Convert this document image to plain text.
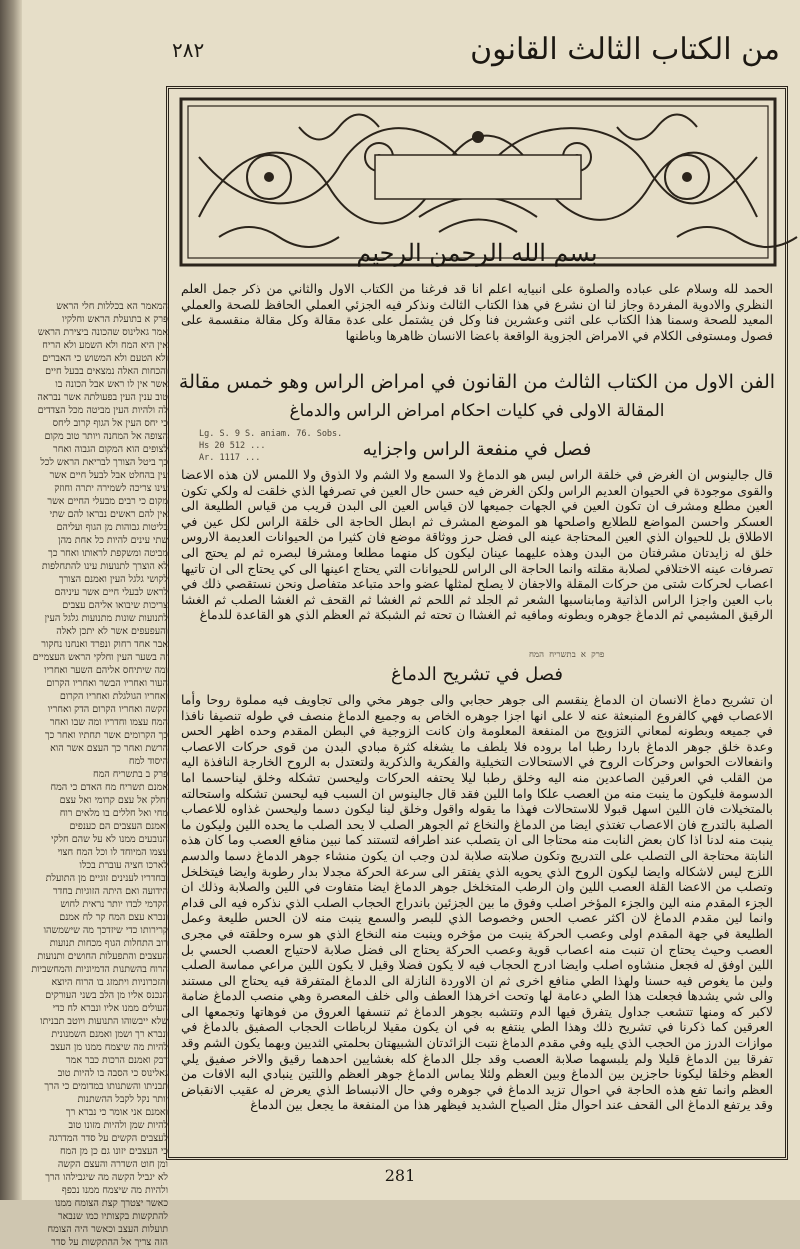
המאמר הא בכללות חלי הראש
פרק א בתועלת הראש וחלקיו
אמר גאלינוס שהכונה ביצירת הראש
אין היא המח ולא השמע ולא הריח
ולא הטעם ולא המשוש כי האברים
והכחות האלה נמצאים בבעל חיים
אשר אין לו ראש אבל הכונה בו
טוב ענין העין בפעולתה אשר נבראה
לה ולהיות העין מביטה מכל הצדדים
כי יחס העין אל הגוף קרוב ליחס
הצופה אל המחנה ויותר טוב מקום
לצופים הוא המקום הגבוה ואחר
כך ביטל הצורך לבריאת הראש לכל
עין בהחלט אבל לבעל חיים אשר
עינו צריכה לשמירה יתרה וחוזק
מקום כי רבים מבעלי החיים אשר
אין להם ראשים נבראו להם שתי
בליטות גבוהות מן הגוף ועליהם
שתי עינים להיות כל אחת מהן
מביטה ומשקפת לראותו ואחר כך
לא הוצרך לתנועות עינו להתחלפות
לקושי גלגל העין ואמנם הצורך
לראש לבעלי חיים אשר עיניהם
צריכות שיבואו אליהם עצבים
לתנועות שונות מתנועות גלגל העין
והעפעפים אשר לא יתכן לאלה
אבר אחד רחוק ונפרד ואנחנו נחקור
זה בשער העין וחלקי הראש העצמיים
ומה שיתיחס אליהם השער ואחריו
העור ואחריו הבשר ואחריו הקרום
ואחריו הגולגלת ואחריו הקרום
הקשה ואחריו הקרום הדק ואחריו
המח עצמו וחדריו ומה שבו ואחר
כך הקרומים אשר תחתיו ואחר כך
הרשת ואחר כך העצם אשר הוא
היסוד למח
פרק ב בתשריח המח
אמנם תשריח מח האדם כי המח
יחלק אל עצם קרומי ואל עצם
מחי ואל חללים בו מלאים רוח
ואמנם העצבים הם כענפים
הנובעים ממנו לא על שהם חלקי
עצמו המיוחד לו וכל המח חצוי
לארכו חציה עוברת בכלו
ובחדריו לענינים זוגיים מן התועלת
הידועה ואם היתה הזוגיות בחדר
הקדמי לבדו יותר נראית לחוש
ונברא עצם המח קר לח אמנם
קרירותו כדי שיזדכך מה שישמשהו
רוב התחלות הגוף מכחות תנועות
העצבים והתפעלות החושים ותנועות
הרוח בהשתנות הדמיוניות והמחשביות
והזכרוניות ויתמזג בו הרוח היוצא
הנכנס אליו מן הלב בשני העורקים
העולים ממנו אליו ונברא לח כדי
שלא ייבשוהו התנועות ויוטב תבניתו
ונברא רך ושמן ואמנם השמנונית
להיות מה שיצמח ממנו מן העצב
דבק ואמנם הרכות כבר אמר
גאלינוס כי הסבה בו להיות טוב
תבניתו והשתנותו במדומים כי הרך
יותר נקל לקבל ההשתנות
ואמנם אני אומר כי נברא רך
להיות שמן ולהיות מזונו טוב
לעצבים הקשים על סדר המדרגה
כי העצבים יזונו גם כן מן המח
ומן חוט השדרה והעצם הקשה
לא יגביל הקשה מה שיגבילהו הרך
ולהיות מה שיצמח ממנו נכפף
כאשר יצטרך קצת הצומח ממנו
להתקשות בקצותיו כמו שנבאר
תועלות העצב וכאשר היה הצומח
הזה צריך אל ההתקשות על סדר
٢٨٢	من الكتاب الثالث القانون
بسم الله الرحمن الرحيم

الحمد لله وسلام على عباده والصلوة على انبيايه اعلم انا قد فرغنا من الكتاب الاول والثاني من ذكر جمل العلم النظري والادوية المفردة وجاز لنا ان نشرع في هذا الكتاب الثالث ونذكر فيه الجزئي العملي الحافظ للصحة والعملي المعيد للصحة وسمنا هذا الكتاب على اثنى وعشرين فنا وكل فن يشتمل على عدة مقالة وكل مقالة منقسمة على فصول ومستوفى الكلام في الامراض الجزوية الواقعة باعضا الانسان ظاهرها وباطنها

الفن الاول من الكتاب الثالث من القانون في امراض الراس وهو خمس مقالة
المقالة الاولى في كليات احكام امراض الراس والدماغ
Lg. S. 9 S. aniam. 76. Sobs.
Hs 20 512 ...
Ar. 1117 ...	فصل في منفعة الراس واجزايه

قال جالينوس ان الغرض في خلقة الراس ليس هو الدماغ ولا السمع ولا الشم ولا الذوق ولا اللمس لان هذه الاعضا والقوى موجودة في الحيوان العديم الراس ولكن الغرض فيه حسن حال العين في تصرفها الذي خلقت له ولكي تكون العين مطلع ومشرف ان تكون العين في الجهات جميعها لان قياس العين الى البدن قريب من قياس الطليعة الى العسكر واحسن المواضع للطلايع واصلحها هو الموضع المشرف ثم ابطل الحاجة الى خلقة الراس لكل عين في الاطلاق بل للحيوان الذي العين المحتاجة عينه الى فضل حرز ووثاقة موضع فان كثيرا من الحيوانات العديمة الاروس خلق له زايدتان مشرفتان من البدن وهذه عليهما عينان ليكون كل منهما مطلعا ومشرفا لبصره ثم لم يحتج الى تصرفات عينه الاختلافي لصلابة مقلته وانما الحاجة الى الراس للحيوانات التي يحتاج اعينها الى كي يحتاج الى ان تاتيها اعصاب لحركات شتى من حركات المقلة والاجفان لا يصلح لمثلها عضو واحد متباعد متفاصل ونحن نستقصي ذلك في باب العين واجزا الراس الذاتية ومابناسبها الشعر ثم الجلد ثم اللحم ثم الغشا ثم القحف ثم الغشا الصلب ثم الغشا الرقيق المشيمي ثم الدماغ جوهره وبطونه ومافيه ثم الغشاا ن تحته ثم الشبكة ثم العظم الذي هو القاعدة للدماغ

فصل في تشريح الدماغ
פרק א בתשריח המח

ان تشريح دماغ الانسان ان الدماغ ينقسم الى جوهر حجابي والى جوهر مخي والى تجاويف فيه مملوة روحا وأما الاعصاب فهي كالفروع المنبعثة عنه لا على انها اجزا جوهره الخاص به وجميع الدماغ منصف في طوله تنصيفا نافذا في جميعه وبطونه لمعاني التزويج من المنفعة المعلومة وان كانت الزوجية في البطن المقدم وحده اظهر الحس وعدة خلق جوهر الدماغ باردا رطبا اما بروده فلا يلطف ما يشغله كثرة مبادي البدن من قوى حركات الاعصاب وانفعالات الحواس وحركات الروح في الاستحالات التخيلية والفكرية والذكرية ولتعتدل به الروح الخارجة النافذة اليه من القلب في العرقين الصاعدين منه اليه وخلق رطبا ليلا يحتفه الحركات وليحسن تشكله وخلق ليناحسما اما الدسومة فليكون ما ينبت منه من العصب علكا واما اللين فقد قال جالينوس ان السبب فيه ليحسن تشكله واستحالته بالمتخيلات فان اللين اسهل قبولا للاستحالات فهذا ما يقوله واقول وخلق لينا ليكون دسما وليحسن غذاوه للاعصاب الصلبة بالتدرج فان الاعصاب تغتذي ايضا من الدماغ والنخاع ثم الجوهر الصلب لا يحد الصلب ما يحده اللين وليكون ما ينبت منه لدنا اذا كان بعض النابت منه محتاجا الى ان يتصلب عند اطرافه لتستند كما نبين منافع العصب وما كان هذه النابتة محتاجة الى التصلب على التدريج وتكون صلابته صلابة لدن وجب ان يكون منشاء جوهر الدماغ دسما والدسم اللزج ليس لاشكاله وايضا ليكون الروح الذي يحويه الذي يفتقر الى سرعة الحركة مجدلا بدار رطوبة وايضا فيتخلخل وتصلب من الاعضا القلة العصب اللين وان الرطب المتخلخل جوهر الدماغ ايضا متفاوت في اللين والصلابة وذلك ان الجزء المقدم منه الين والجزء المؤخر اصلب وفوق ما بين الجزئين باندراج الحجاب الصلب الذي نذكره فيه الى قدام وانما لين مقدم الدماغ لان اكثر عصب الحس وخصوصا الذي للبصر والسمع ينبت منه لان الحس طليعة وعمل الطليعة في جهة المقدم اولى وعصب الحركة ينبت من مؤخره وينبت منه النخاع الذي هو سره وحلقته في مجرى العصب وحيث يحتاج ان تنبت منه اعصاب قوية وعصب الحركة يحتاج الى فضل صلابة لاحتياج العصب الحسي بل اللين اوفق له فجعل منشاوه اصلب وايضا ادرج الحجاب فيه لا يكون فضلا وقيل لا يكون اللين مراعي مماسة الصلب ولين ما يغوص فيه حسنا ولهذا الطي منافع اخرى ثم ان الاوردة النازلة الى الدماغ المتفرقة فيه يحتاج الى مستند والى شي يشدها فجعلت هذا الطي دعامة لها وتحت اخرهذا العطف والى خلف المعصرة وهي منصب الدماغ ضامة لاكبر كه ومنها تتشعب جداول يتفرق فيها الدم وتتشبه بجوهر الدماغ ثم تنسفها العروق من فوهاتها وتجمعها الى العرقين كما ذكرنا في تشريح ذلك وهذا الطي ينتفع به في ان يكون مقيلا لرباطات الحجاب الصفيق بالدماغ في موازات الدرز من الحجب الذي يليه وفي مقدم الدماغ نتبت الزائدتان الشبيهتان بحلمتي الثديين وبهما يكون الشم وقد تفرقا بين الدماغ قليلا ولم يلبسهما صلابة العصب وقد جلل الدماغ كله بغشايين احدهما رقيق والاخر صفيق يلي العظم وخلقا ليكونا حاجزين بين الدماغ وبين العظم ولئلا يماس الدماغ جوهر العظم واللتين ينبادي البه الافات من العظم وانما تفع هذه الحاجة في احوال تزيد الدماغ في جوهره وفي حال الانبساط الذي يعرض له عقيب الانقباض وقد يرتفع الدماغ الى القحف عند احوال مثل الصياح الشديد فيظهر هذا من المنفعة ما يجعل بين الدماغ

281
